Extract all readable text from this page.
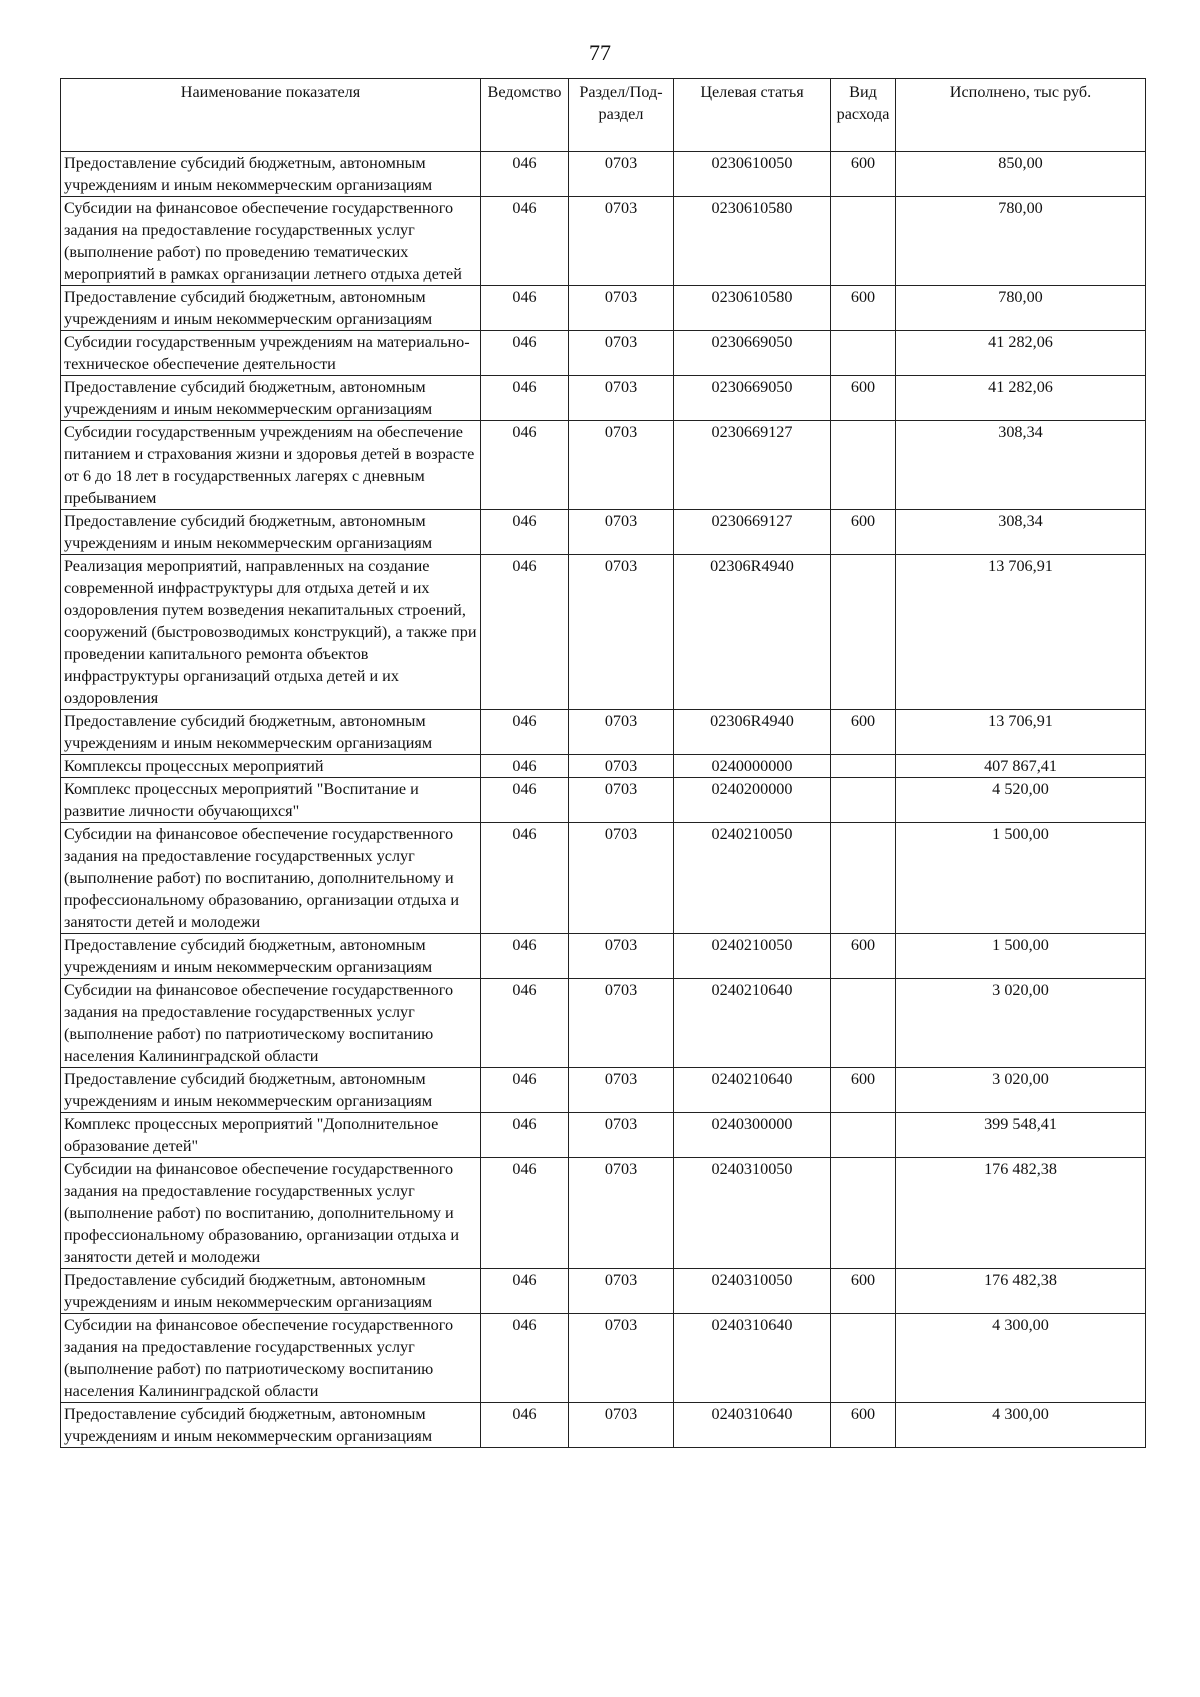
77
Наименование показателя	Ведомство	Раздел/Под-раздел	Целевая статья	Вид расхода	Исполнено, тыс руб.
Предоставление субсидий бюджетным, автономным учреждениям и иным некоммерческим организациям	046	0703	0230610050	600	850,00
Субсидии на финансовое обеспечение государственного задания на предоставление государственных услуг (выполнение работ) по проведению тематических мероприятий в рамках организации летнего отдыха детей	046	0703	0230610580		780,00
Предоставление субсидий бюджетным, автономным учреждениям и иным некоммерческим организациям	046	0703	0230610580	600	780,00
Субсидии государственным учреждениям на материально-техническое обеспечение деятельности	046	0703	0230669050		41 282,06
Предоставление субсидий бюджетным, автономным учреждениям и иным некоммерческим организациям	046	0703	0230669050	600	41 282,06
Субсидии государственным учреждениям на обеспечение питанием и страхования жизни и здоровья детей в возрасте от 6 до 18 лет в государственных лагерях с дневным пребыванием	046	0703	0230669127		308,34
Предоставление субсидий бюджетным, автономным учреждениям и иным некоммерческим организациям	046	0703	0230669127	600	308,34
Реализация мероприятий, направленных на создание современной инфраструктуры для отдыха детей и их оздоровления путем возведения некапитальных строений, сооружений (быстровозводимых конструкций), а также при проведении капитального ремонта объектов инфраструктуры организаций отдыха детей и их оздоровления	046	0703	02306R4940		13 706,91
Предоставление субсидий бюджетным, автономным учреждениям и иным некоммерческим организациям	046	0703	02306R4940	600	13 706,91
Комплексы процессных мероприятий	046	0703	0240000000		407 867,41
Комплекс процессных мероприятий "Воспитание и развитие личности обучающихся"	046	0703	0240200000		4 520,00
Субсидии на финансовое обеспечение государственного задания на предоставление государственных услуг (выполнение работ) по воспитанию, дополнительному и профессиональному образованию, организации отдыха и занятости детей и молодежи	046	0703	0240210050		1 500,00
Предоставление субсидий бюджетным, автономным учреждениям и иным некоммерческим организациям	046	0703	0240210050	600	1 500,00
Субсидии на финансовое обеспечение государственного задания на предоставление государственных услуг (выполнение работ) по патриотическому воспитанию населения Калининградской области	046	0703	0240210640		3 020,00
Предоставление субсидий бюджетным, автономным учреждениям и иным некоммерческим организациям	046	0703	0240210640	600	3 020,00
Комплекс процессных мероприятий "Дополнительное образование детей"	046	0703	0240300000		399 548,41
Субсидии на финансовое обеспечение государственного задания на предоставление государственных услуг (выполнение работ) по воспитанию, дополнительному и профессиональному образованию, организации отдыха и занятости детей и молодежи	046	0703	0240310050		176 482,38
Предоставление субсидий бюджетным, автономным учреждениям и иным некоммерческим организациям	046	0703	0240310050	600	176 482,38
Субсидии на финансовое обеспечение государственного задания на предоставление государственных услуг (выполнение работ) по патриотическому воспитанию населения Калининградской области	046	0703	0240310640		4 300,00
Предоставление субсидий бюджетным, автономным учреждениям и иным некоммерческим организациям	046	0703	0240310640	600	4 300,00
